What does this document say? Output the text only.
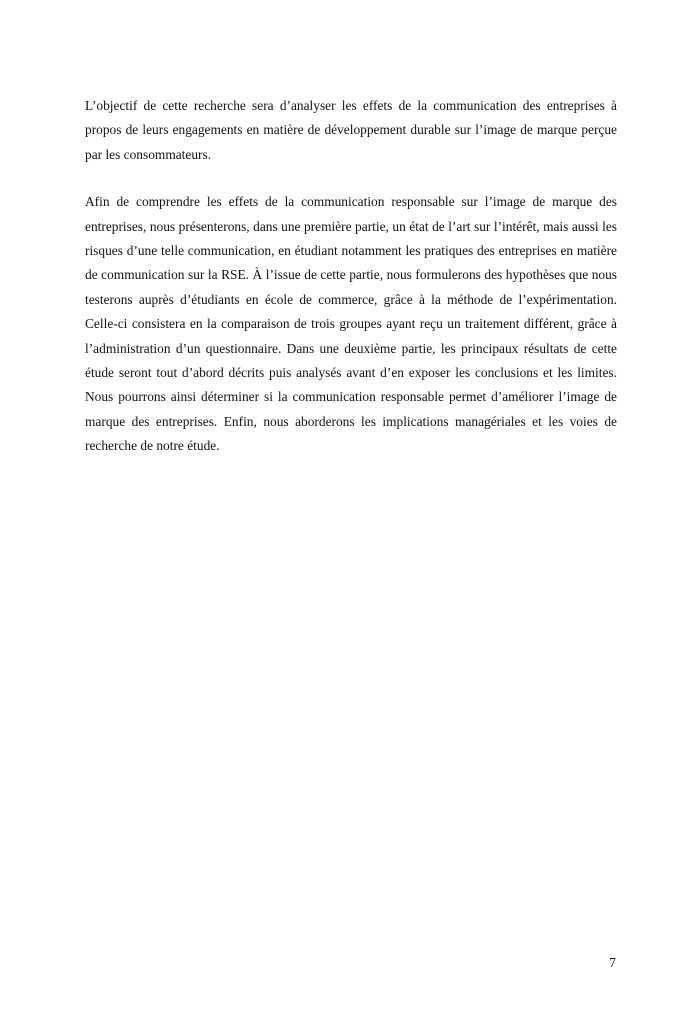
L’objectif de cette recherche sera d’analyser les effets de la communication des entreprises à propos de leurs engagements en matière de développement durable sur l’image de marque perçue par les consommateurs.

Afin de comprendre les effets de la communication responsable sur l’image de marque des entreprises, nous présenterons, dans une première partie, un état de l’art sur l’intérêt, mais aussi les risques d’une telle communication, en étudiant notamment les pratiques des entreprises en matière de communication sur la RSE. À l’issue de cette partie, nous formulerons des hypothèses que nous testerons auprès d’étudiants en école de commerce, grâce à la méthode de l’expérimentation. Celle-ci consistera en la comparaison de trois groupes ayant reçu un traitement différent, grâce à l’administration d’un questionnaire. Dans une deuxième partie, les principaux résultats de cette étude seront tout d’abord décrits puis analysés avant d’en exposer les conclusions et les limites. Nous pourrons ainsi déterminer si la communication responsable permet d’améliorer l’image de marque des entreprises. Enfin, nous aborderons les implications managériales et les voies de recherche de notre étude.

7
